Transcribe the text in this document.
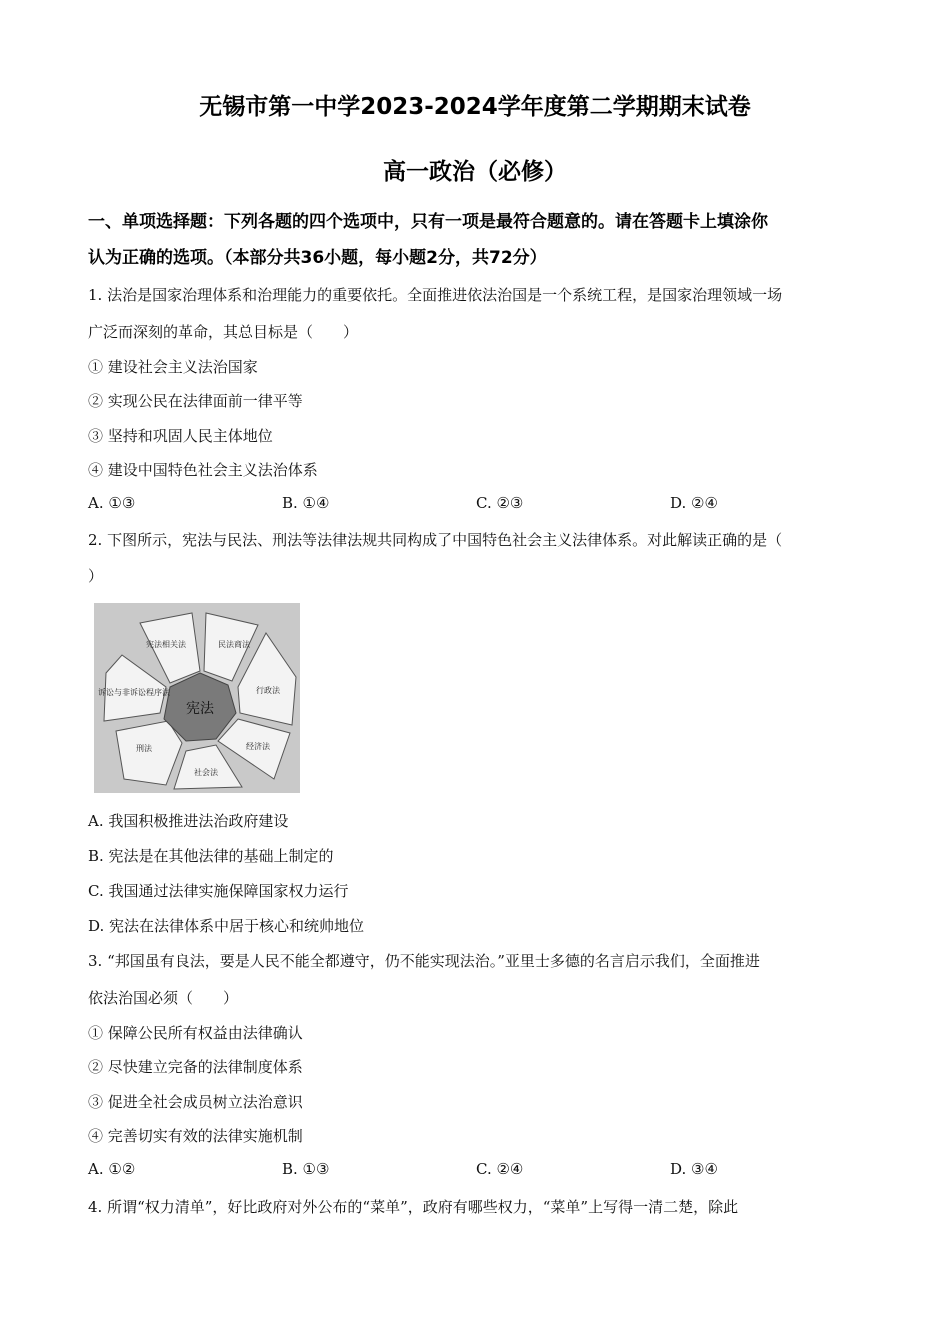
无锡市第一中学2023-2024学年度第二学期期末试卷
高一政治（必修）
一、单项选择题：下列各题的四个选项中，只有一项是最符合题意的。请在答题卡上填涂你
认为正确的选项。（本部分共36小题，每小题2分，共72分）
1. 法治是国家治理体系和治理能力的重要依托。全面推进依法治国是一个系统工程，是国家治理领域一场
广泛而深刻的革命，其总目标是（　　）
① 建设社会主义法治国家
② 实现公民在法律面前一律平等
③ 坚持和巩固人民主体地位
④ 建设中国特色社会主义法治体系
A. ①③	B. ①④	C. ②③	D. ②④
2. 下图所示，宪法与民法、刑法等法律法规共同构成了中国特色社会主义法律体系。对此解读正确的是（
）
宪法
宪法相关法	民法商法
行政法
经济法
社会法
刑法
诉讼与非诉讼程序法
A. 我国积极推进法治政府建设
B. 宪法是在其他法律的基础上制定的
C. 我国通过法律实施保障国家权力运行
D. 宪法在法律体系中居于核心和统帅地位
3. “邦国虽有良法，要是人民不能全都遵守，仍不能实现法治。”亚里士多德的名言启示我们，全面推进
依法治国必须（　　）
① 保障公民所有权益由法律确认
② 尽快建立完备的法律制度体系
③ 促进全社会成员树立法治意识
④ 完善切实有效的法律实施机制
A. ①②	B. ①③	C. ②④	D. ③④
4. 所谓“权力清单”，好比政府对外公布的“菜单”，政府有哪些权力，“菜单”上写得一清二楚，除此
